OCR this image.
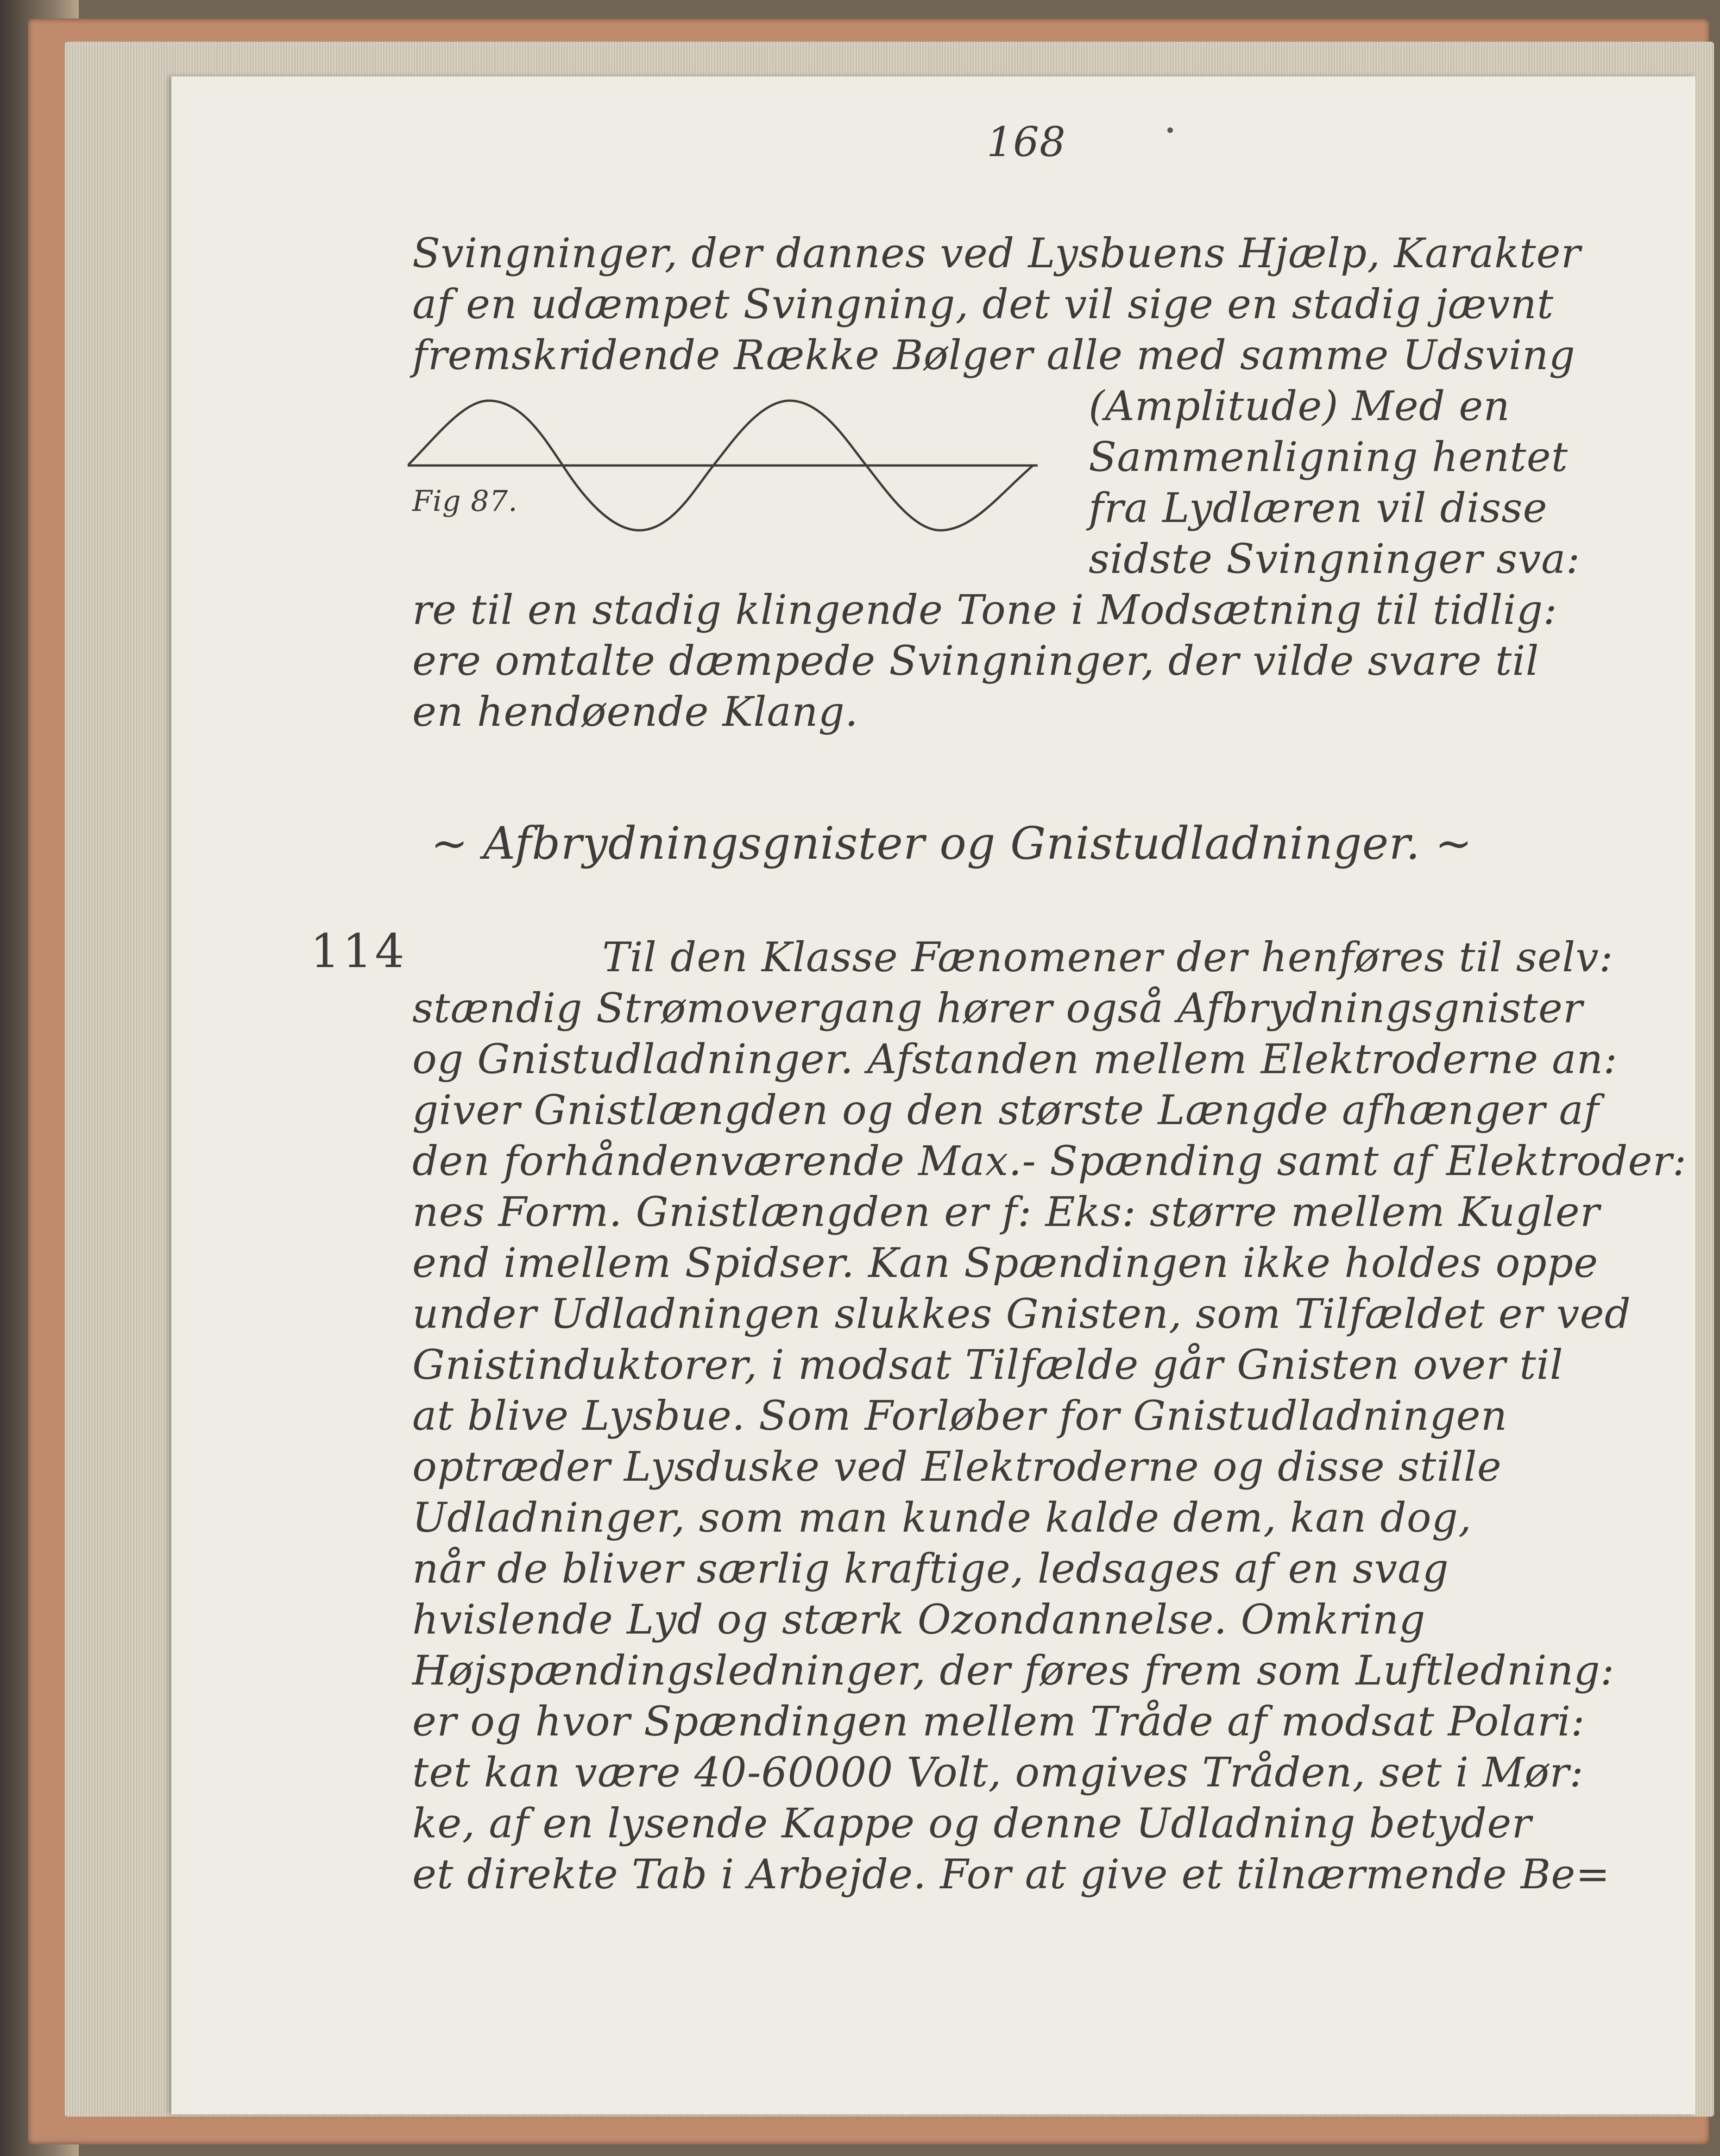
168
Svingninger, der dannes ved Lysbuens Hjælp, Karakter
af en udæmpet Svingning, det vil sige en stadig jævnt
fremskridende Række Bølger alle med samme Udsving
(Amplitude) Med en
Sammenligning hentet
fra Lydlæren vil disse
sidste Svingninger sva:
Fig 87.
re til en stadig klingende Tone i Modsætning til tidlig:
ere omtalte dæmpede Svingninger, der vilde svare til
en hendøende Klang.
~ Afbrydningsgnister og Gnistudladninger. ~
114	Til den Klasse Fænomener der henføres til selv:
stændig Strømovergang hører også Afbrydningsgnister
og Gnistudladninger. Afstanden mellem Elektroderne an:
giver Gnistlængden og den største Længde afhænger af
den forhåndenværende Max.- Spænding samt af Elektroder:
nes Form. Gnistlængden er f: Eks: større mellem Kugler
end imellem Spidser. Kan Spændingen ikke holdes oppe
under Udladningen slukkes Gnisten, som Tilfældet er ved
Gnistinduktorer, i modsat Tilfælde går Gnisten over til
at blive Lysbue. Som Forløber for Gnistudladningen
optræder Lysduske ved Elektroderne og disse stille
Udladninger, som man kunde kalde dem, kan dog,
når de bliver særlig kraftige, ledsages af en svag
hvislende Lyd og stærk Ozondannelse. Omkring
Højspændingsledninger, der føres frem som Luftledning:
er og hvor Spændingen mellem Tråde af modsat Polari:
tet kan være 40-60000 Volt, omgives Tråden, set i Mør:
ke, af en lysende Kappe og denne Udladning betyder
et direkte Tab i Arbejde. For at give et tilnærmende Be=
